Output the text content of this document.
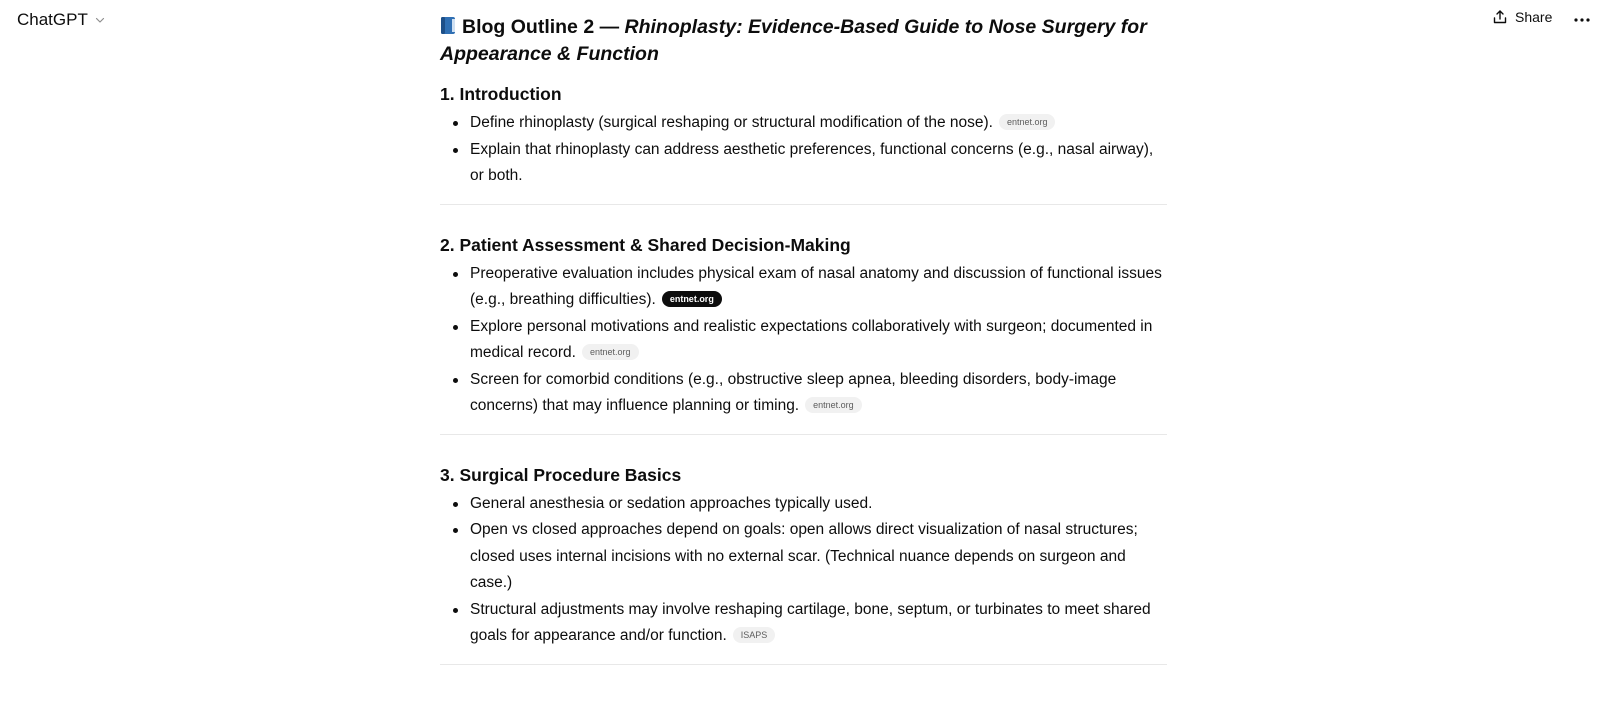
ChatGPT	Share
Blog Outline 2 — Rhinoplasty: Evidence-Based Guide to Nose Surgery for Appearance & Function
1. Introduction
Define rhinoplasty (surgical reshaping or structural modification of the nose). entnet.org
Explain that rhinoplasty can address aesthetic preferences, functional concerns (e.g., nasal airway), or both.
2. Patient Assessment & Shared Decision-Making
Preoperative evaluation includes physical exam of nasal anatomy and discussion of functional issues (e.g., breathing difficulties). entnet.org
Explore personal motivations and realistic expectations collaboratively with surgeon; documented in medical record. entnet.org
Screen for comorbid conditions (e.g., obstructive sleep apnea, bleeding disorders, body-image concerns) that may influence planning or timing. entnet.org
3. Surgical Procedure Basics
General anesthesia or sedation approaches typically used.
Open vs closed approaches depend on goals: open allows direct visualization of nasal structures; closed uses internal incisions with no external scar. (Technical nuance depends on surgeon and case.)
Structural adjustments may involve reshaping cartilage, bone, septum, or turbinates to meet shared goals for appearance and/or function. ISAPS
